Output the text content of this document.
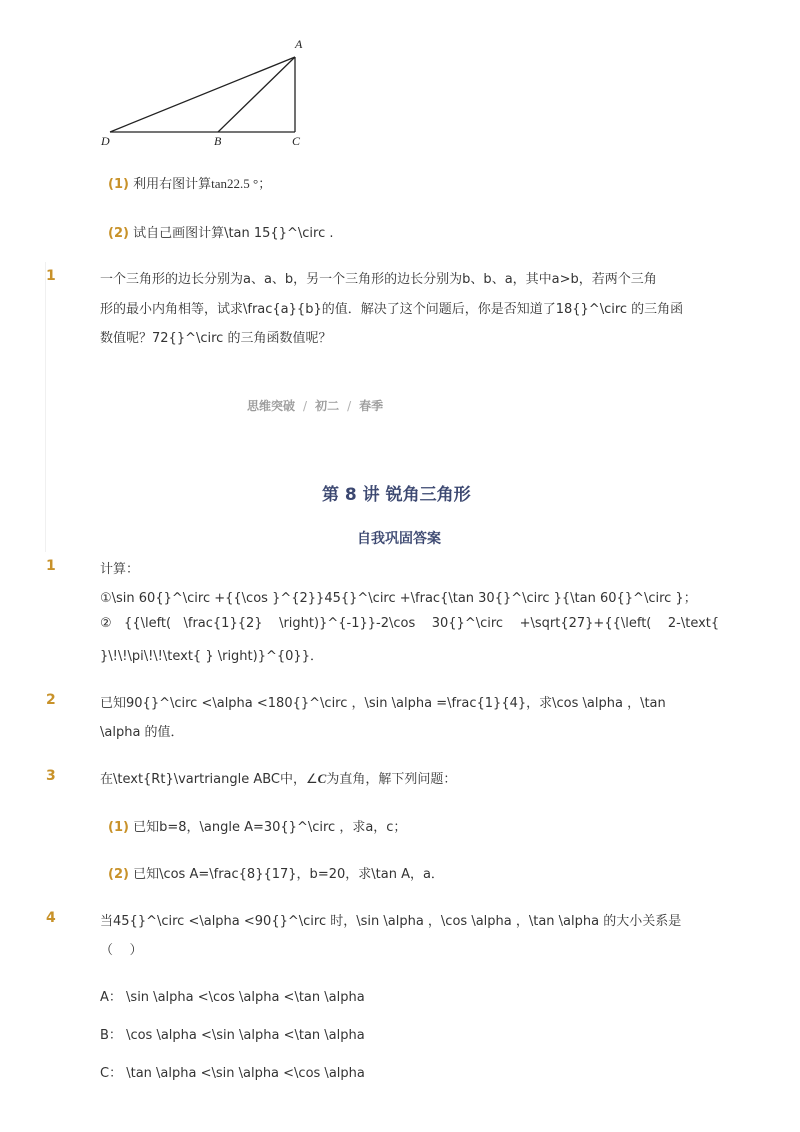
A
D	B	C
(1) 利用右图计算tan22.5 °；
(2) 试自己画图计算\tan 15{}^\circ .
1	一个三角形的边长分别为a、a、b，另一个三角形的边长分别为b、b、a，其中a>b，若两个三角
形的最小内角相等，试求\frac{a}{b}的值．解决了这个问题后，你是否知道了18{}^\circ 的三角函
数值呢？72{}^\circ 的三角函数值呢？
思维突破 / 初二 / 春季
第 8 讲 锐角三角形
自我巩固答案
1	计算：
①\sin 60{}^\circ +{{\cos }^{2}}45{}^\circ +\frac{\tan 30{}^\circ }{\tan 60{}^\circ }；
②   {{\left(   \frac{1}{2}    \right)}^{-1}}-2\cos    30{}^\circ    +\sqrt{27}+{{\left(    2-\text{
}\!\!\pi\!\!\text{ } \right)}^{0}}．
2	已知90{}^\circ <\alpha <180{}^\circ ，\sin \alpha =\frac{1}{4}，求\cos \alpha ，\tan
\alpha 的值．
3	在\text{Rt}\vartriangle ABC中，∠C为直角，解下列问题：
(1) 已知b=8，\angle A=30{}^\circ ，求a，c；
(2) 已知\cos A=\frac{8}{17}，b=20，求\tan A，a．
4	当45{}^\circ <\alpha <90{}^\circ 时，\sin \alpha ，\cos \alpha ，\tan \alpha 的大小关系是
（    ）
A： \sin \alpha <\cos \alpha <\tan \alpha
B： \cos \alpha <\sin \alpha <\tan \alpha
C： \tan \alpha <\sin \alpha <\cos \alpha
